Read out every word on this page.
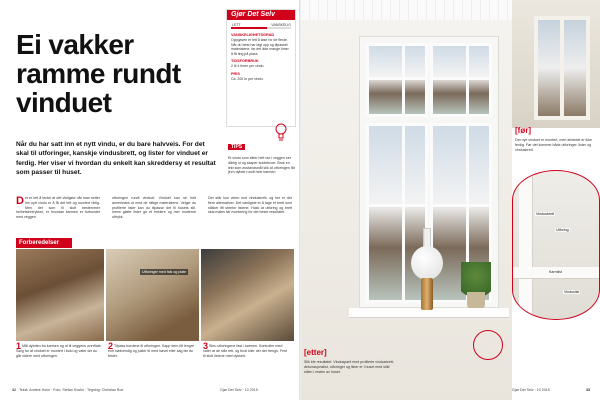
Ei vakker
ramme rundt
vinduet

Når du har satt inn et nytt vindu, er du bare halvveis. For det skal til utforinger, kanskje vindusbrett, og lister for vinduet er ferdig. Her viser vi hvordan du enkelt kan skreddersy et resultat som passer til huset.

Gjør Det Selv
LETT	VANSKELIG
VANSKELIGHETSGRAD
Oppgaven er lett å løse for de fleste. Når du først har lagt opp og tilpasset materialene, tar det ikke mange timer å få ting på plass.
TIDSFORBRUK
2 til 4 timer per vindu.
PRIS
Ca. 200 kr per vindu.
TIPS
Et vindu som sitter helt ute i veggen ser dårlig ut og skaper kuldebroer. Bruk en lekt som avstandsmål slik at utforingen får jevn dybde rundt hele karmen.
Det er lett å tenke at det viktigste når man setter inn nytt vindu er å få det tett og montert riktig. Men det som til slutt bestemmer helhetsinntrykket, er hvordan karmen er forbundet med veggen.
utforingen rundt vinduet. Vinduet kan se helt annerledes ut med de riktige materialene. Velger du profilerte lister kan du tilpasse det til husets stil, mens glatte lister gir et enklere og mer moderne uttrykk.
Det står kun veien mot vindusbrett, og her er det flere alternativer. Det vanligste er å lage et brett som stikker litt utenfor listene. Husk at utforing og brett skal males før montering for det beste resultatet.
Forberedelser
Utforinger med fals og plate
1Mål dybden fra karmen og ut til veggens overflate. Sørg for at vinduet er montert i lodd og vater før du går videre med utforingen.
2Tilpass bordene til utforingen. Kapp dem litt lengre enn nødvendig og juster til med høvel eller sag før du fester.
3Skru utforingene fast i karmen. Kontroller med vater at de står rett, og bruk kiler der det trengs. Fest til slutt listene med dykkert.
32 Tekst: Anders Holm · Foto: Stefan Svahn · Tegning: Christian Roe	Gjør Det Selv · 10 2015
[ før ]
Det nye vinduet er montert, men arbeidet er ikke ferdig. Før det kommer både utforinger, lister og vindusbrett.
Vindusbrett
Utforing
Karmlist
Vinduslist
[ etter ]
Slik ble resultatet. Vindusparti med profilerte vindusbrett, dekorasjonslist, utforinger og lister er i huset med slikt stilen i resten av huset.
Gjør Det Selv · 10 2015	33
